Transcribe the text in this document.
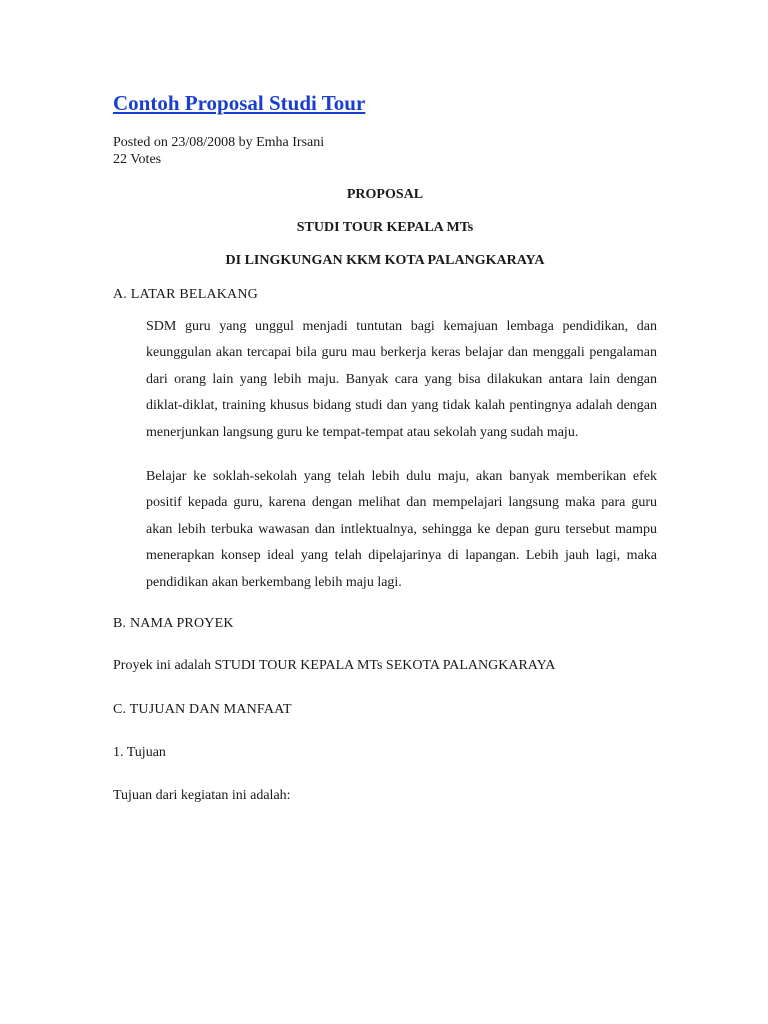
Contoh Proposal Studi Tour

Posted on 23/08/2008 by Emha Irsani

22 Votes

PROPOSAL

STUDI TOUR KEPALA MTs

DI LINGKUNGAN KKM KOTA PALANGKARAYA

A. LATAR BELAKANG

SDM guru yang unggul menjadi tuntutan bagi kemajuan lembaga pendidikan, dan keunggulan akan tercapai bila guru mau berkerja keras belajar dan menggali pengalaman dari orang lain yang lebih maju. Banyak cara yang bisa dilakukan antara lain dengan diklat-diklat, training khusus bidang studi dan yang tidak kalah pentingnya adalah dengan menerjunkan langsung guru ke tempat-tempat atau sekolah yang sudah maju.

Belajar ke soklah-sekolah yang telah lebih dulu maju, akan banyak memberikan efek positif kepada guru, karena dengan melihat dan mempelajari langsung maka para guru akan lebih terbuka wawasan dan intlektualnya, sehingga ke depan guru tersebut mampu menerapkan konsep ideal yang telah dipelajarinya di lapangan. Lebih jauh lagi, maka pendidikan akan berkembang lebih maju lagi.

B. NAMA PROYEK

Proyek ini adalah STUDI TOUR KEPALA MTs SEKOTA PALANGKARAYA

C. TUJUAN DAN MANFAAT

1. Tujuan

Tujuan dari kegiatan ini adalah:
